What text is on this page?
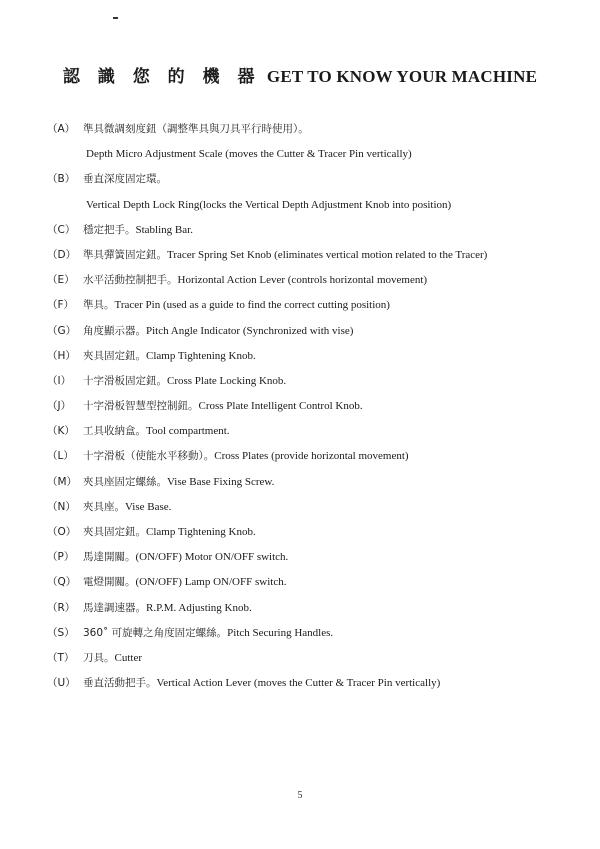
認 識 您 的 機 器 GET TO KNOW YOUR MACHINE
（A） 準具微調刻度鈕（調整準具與刀具平行時使用）。
Depth Micro Adjustment Scale (moves the Cutter & Tracer Pin vertically)
（B） 垂直深度固定環。
Vertical Depth Lock Ring(locks the Vertical Depth Adjustment Knob into position)
（C） 穩定把手。Stabling Bar.
（D） 準具彈簧固定鈕。Tracer Spring Set Knob (eliminates vertical motion related to the Tracer)
（E） 水平活動控制把手。Horizontal Action Lever (controls horizontal movement)
（F） 準具。Tracer Pin (used as a guide to find the correct cutting position)
（G） 角度顯示器。Pitch Angle Indicator (Synchronized with vise)
（H） 夾具固定鈕。Clamp Tightening Knob.
（I） 十字滑板固定鈕。Cross Plate Locking Knob.
（J） 十字滑板智慧型控制鈕。Cross Plate Intelligent Control Knob.
（K） 工具收納盒。Tool compartment.
（L） 十字滑板（使能水平移動）。Cross Plates (provide horizontal movement)
（M） 夾具座固定螺絲。Vise Base Fixing Screw.
（N） 夾具座。Vise Base.
（O） 夾具固定鈕。Clamp Tightening Knob.
（P） 馬達開關。(ON/OFF) Motor ON/OFF switch.
（Q） 電燈開關。(ON/OFF) Lamp ON/OFF switch.
（R） 馬達調速器。R.P.M. Adjusting Knob.
（S） 360˚ 可旋轉之角度固定螺絲。Pitch Securing Handles.
（T） 刀具。Cutter
（U） 垂直活動把手。Vertical Action Lever (moves the Cutter & Tracer Pin vertically)
5
